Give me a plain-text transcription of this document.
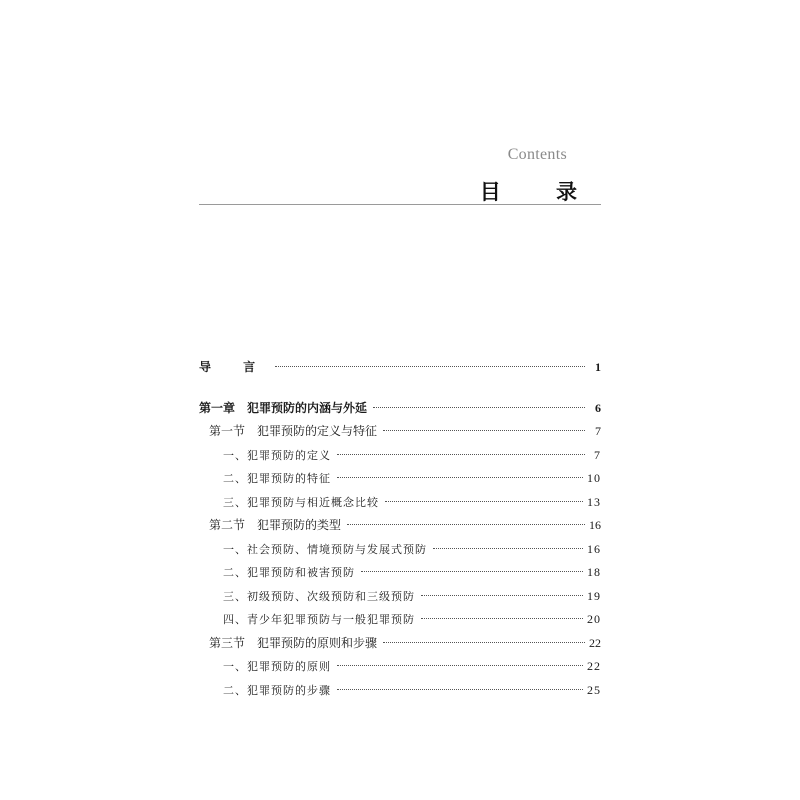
Contents
目 录
导 言	1
第一章　犯罪预防的内涵与外延	6
第一节　犯罪预防的定义与特征	7
一、犯罪预防的定义	7
二、犯罪预防的特征	10
三、犯罪预防与相近概念比较	13
第二节　犯罪预防的类型	16
一、社会预防、情境预防与发展式预防	16
二、犯罪预防和被害预防	18
三、初级预防、次级预防和三级预防	19
四、青少年犯罪预防与一般犯罪预防	20
第三节　犯罪预防的原则和步骤	22
一、犯罪预防的原则	22
二、犯罪预防的步骤	25
